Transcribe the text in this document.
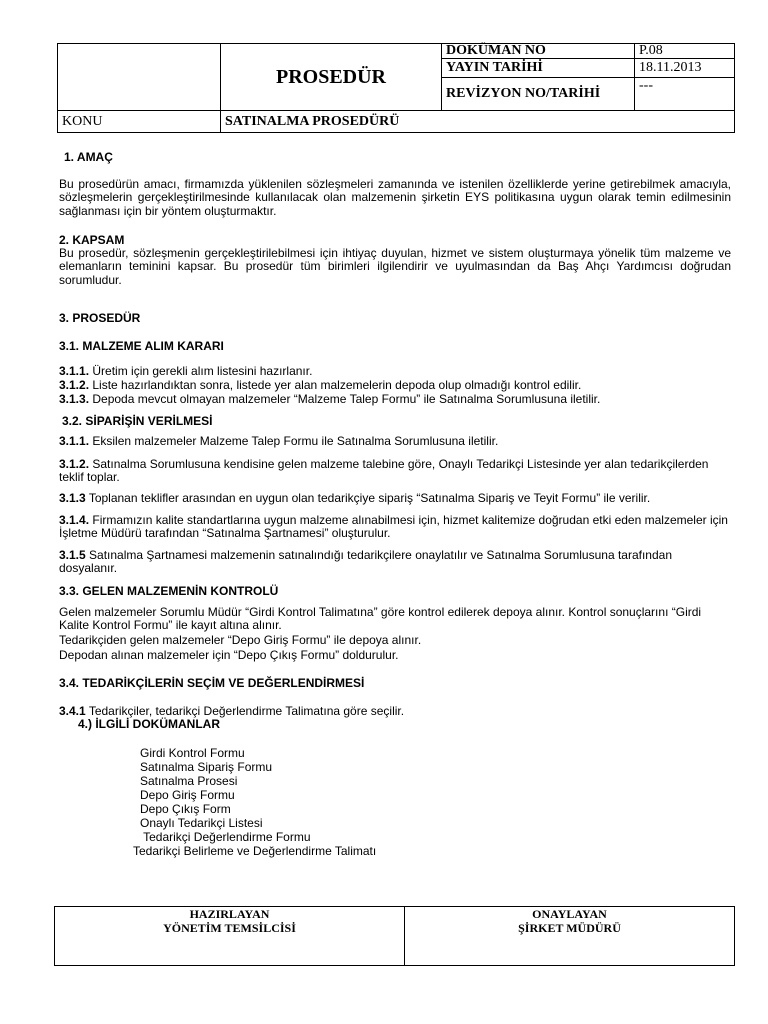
	PROSEDÜR	DOKÜMAN NO	P.08
		YAYIN TARİHİ	18.11.2013
		REVİZYON NO/TARİHİ	---
KONU	SATINALMA PROSEDÜRÜ		
1. AMAÇ

Bu prosedürün amacı, firmamızda yüklenilen sözleşmeleri zamanında ve istenilen özelliklerde yerine getirebilmek amacıyla, sözleşmelerin gerçekleştirilmesinde kullanılacak olan malzemenin şirketin EYS politikasına uygun olarak temin edilmesinin sağlanması için bir yöntem oluşturmaktır.

2. KAPSAM

Bu prosedür, sözleşmenin gerçekleştirilebilmesi için ihtiyaç duyulan, hizmet ve sistem oluşturmaya yönelik tüm malzeme ve elemanların teminini kapsar. Bu prosedür tüm birimleri ilgilendirir ve uyulmasından da Baş Ahçı Yardımcısı doğrudan sorumludur.

3. PROSEDÜR
3.1. MALZEME ALIM KARARI
3.1.1. Üretim için gerekli alım listesini hazırlanır.
3.1.2. Liste hazırlandıktan sonra, listede yer alan malzemelerin depoda olup olmadığı kontrol edilir.
3.1.3. Depoda mevcut olmayan malzemeler “Malzeme Talep Formu” ile Satınalma Sorumlusuna iletilir.
3.2. SİPARİŞİN VERİLMESİ
3.1.1. Eksilen malzemeler Malzeme Talep Formu ile Satınalma Sorumlusuna iletilir.
3.1.2. Satınalma Sorumlusuna kendisine gelen malzeme talebine göre, Onaylı Tedarikçi Listesinde yer alan tedarikçilerden teklif toplar.
3.1.3 Toplanan teklifler arasından en uygun olan tedarikçiye sipariş “Satınalma Sipariş ve Teyit Formu” ile verilir.
3.1.4. Firmamızın kalite standartlarına uygun malzeme alınabilmesi için, hizmet kalitemize doğrudan etki eden malzemeler için İşletme Müdürü tarafından “Satınalma Şartnamesi” oluşturulur.
3.1.5 Satınalma Şartnamesi malzemenin satınalındığı tedarikçilere onaylatılır ve Satınalma Sorumlusuna tarafından dosyalanır.
3.3. GELEN MALZEMENİN KONTROLÜ
Gelen malzemeler Sorumlu Müdür “Girdi Kontrol Talimatına” göre kontrol edilerek depoya alınır. Kontrol sonuçlarını “Girdi Kalite Kontrol Formu” ile kayıt altına alınır.
Tedarikçiden gelen malzemeler “Depo Giriş Formu” ile depoya alınır.
Depodan alınan malzemeler için “Depo Çıkış Formu” doldurulur.
3.4. TEDARİKÇİLERİN SEÇİM VE DEĞERLENDİRMESİ
3.4.1 Tedarikçiler, tedarikçi Değerlendirme Talimatına göre seçilir.
4.) İLGİLİ DOKÜMANLAR
Girdi Kontrol Formu
Satınalma Sipariş Formu
Satınalma Prosesi
Depo Giriş Formu
Depo Çıkış Form
Onaylı Tedarikçi Listesi
Tedarikçi Değerlendirme Formu
Tedarikçi Belirleme ve Değerlendirme Talimatı
HAZIRLAYAN
YÖNETİM TEMSİLCİSİ

ONAYLAYAN
ŞİRKET MÜDÜRÜ
